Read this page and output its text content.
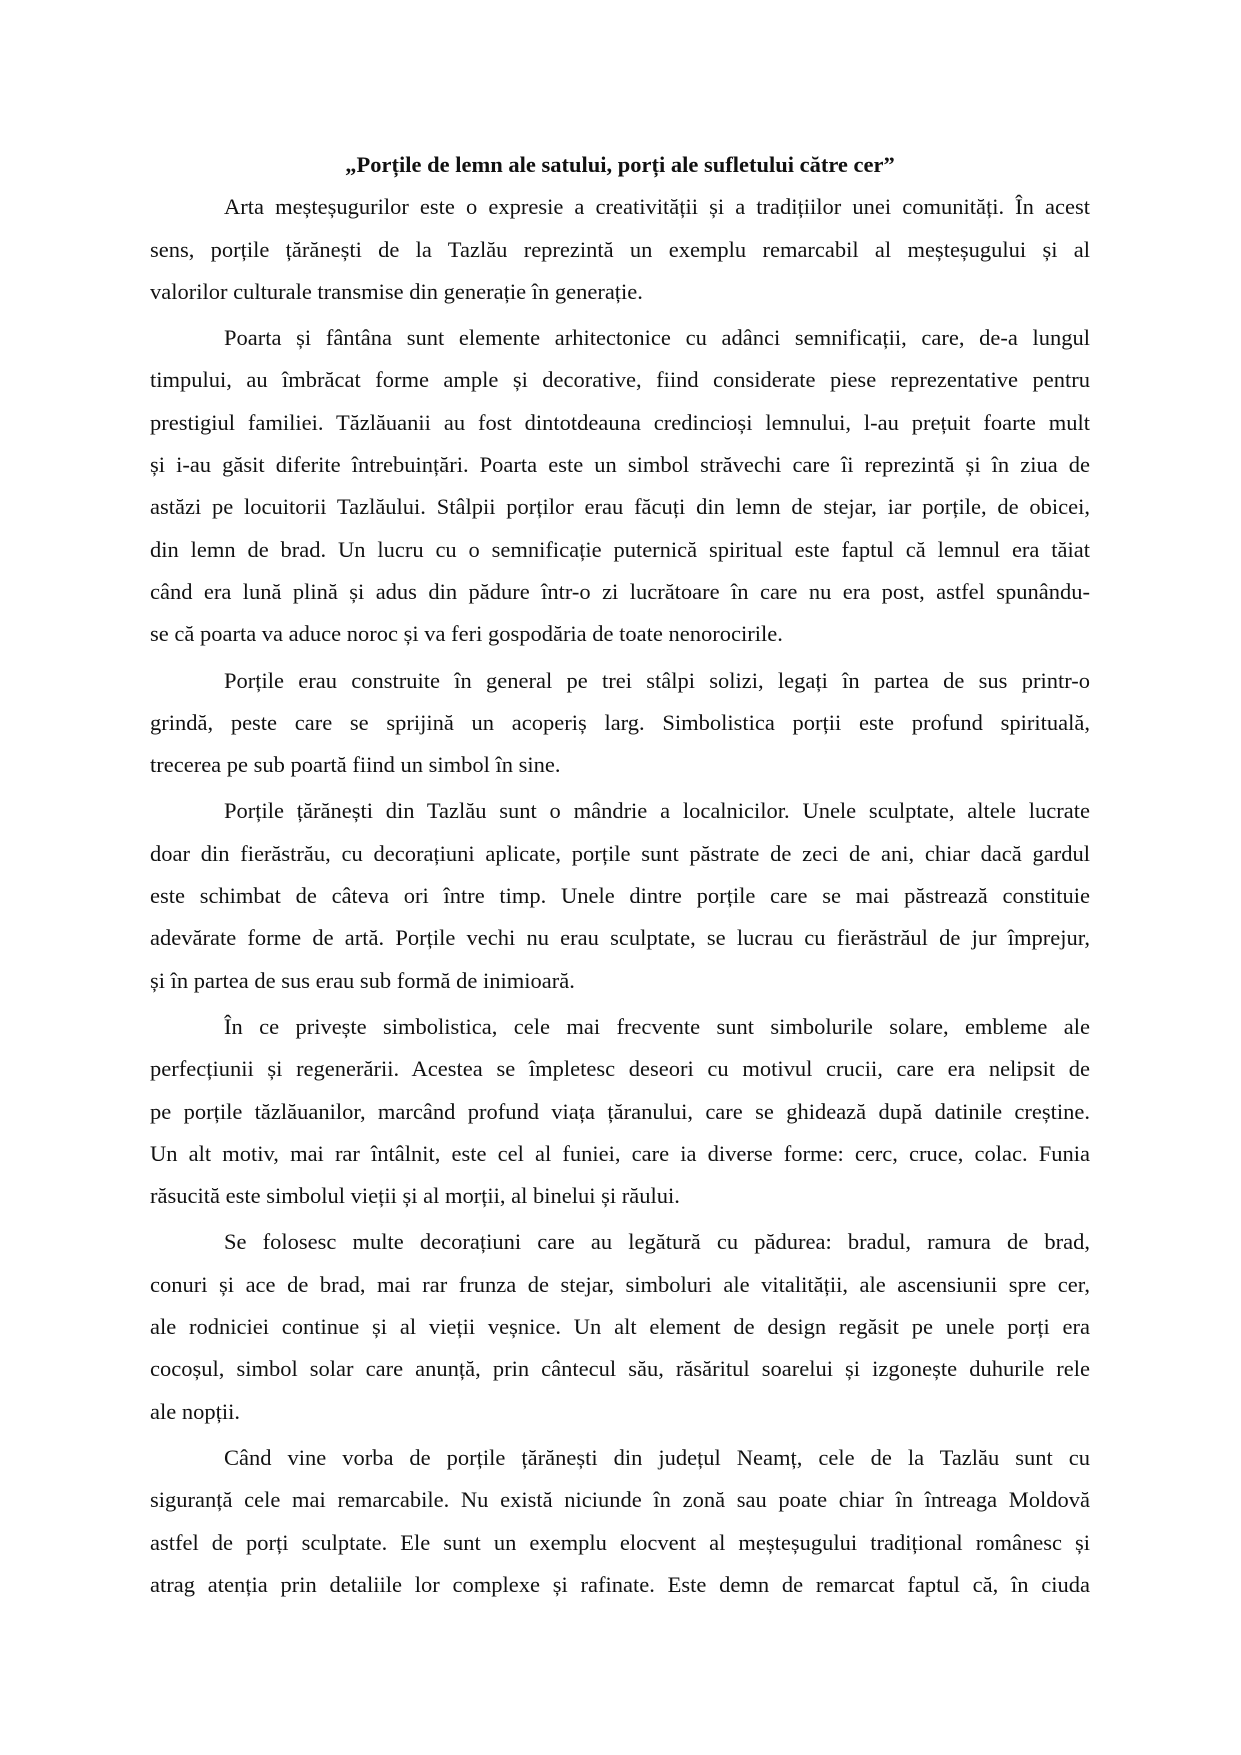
„Porțile de lemn ale satului, porți ale sufletului către cer”
Arta meșteșugurilor este o expresie a creativității și a tradițiilor unei comunități. În acest
sens, porțile țărănești de la Tazlău reprezintă un exemplu remarcabil al meșteșugului și al
valorilor culturale transmise din generație în generație.
Poarta și fântâna sunt elemente arhitectonice cu adânci semnificații, care, de-a lungul
timpului, au îmbrăcat forme ample și decorative, fiind considerate piese reprezentative pentru
prestigiul familiei. Tăzlăuanii au fost dintotdeauna credincioși lemnului, l-au prețuit foarte mult
și i-au găsit diferite întrebuințări. Poarta este un simbol străvechi care îi reprezintă și în ziua de
astăzi pe locuitorii Tazlăului. Stâlpii porților erau făcuți din lemn de stejar, iar porțile, de obicei,
din lemn de brad. Un lucru cu o semnificație puternică spiritual este faptul că lemnul era tăiat
când era lună plină și adus din pădure într-o zi lucrătoare în care nu era post, astfel spunându-
se că poarta va aduce noroc și va feri gospodăria de toate nenorocirile.
Porțile erau construite în general pe trei stâlpi solizi, legați în partea de sus printr-o
grindă, peste care se sprijină un acoperiș larg. Simbolistica porții este profund spirituală,
trecerea pe sub poartă fiind un simbol în sine.
Porțile țărănești din Tazlău sunt o mândrie a localnicilor. Unele sculptate, altele lucrate
doar din fierăstrău, cu decorațiuni aplicate, porțile sunt păstrate de zeci de ani, chiar dacă gardul
este schimbat de câteva ori între timp. Unele dintre porțile care se mai păstrează constituie
adevărate forme de artă. Porțile vechi nu erau sculptate, se lucrau cu fierăstrăul de jur împrejur,
și în partea de sus erau sub formă de inimioară.
În ce privește simbolistica, cele mai frecvente sunt simbolurile solare, embleme ale
perfecțiunii și regenerării. Acestea se împletesc deseori cu motivul crucii, care era nelipsit de
pe porțile tăzlăuanilor, marcând profund viața țăranului, care se ghidează după datinile creștine.
Un alt motiv, mai rar întâlnit, este cel al funiei, care ia diverse forme: cerc, cruce, colac. Funia
răsucită este simbolul vieții și al morții, al binelui și răului.
Se folosesc multe decorațiuni care au legătură cu pădurea: bradul, ramura de brad,
conuri și ace de brad, mai rar frunza de stejar, simboluri ale vitalității, ale ascensiunii spre cer,
ale rodniciei continue și al vieții veșnice. Un alt element de design regăsit pe unele porți era
cocoșul, simbol solar care anunță, prin cântecul său, răsăritul soarelui și izgonește duhurile rele
ale nopții.
Când vine vorba de porțile țărănești din județul Neamț, cele de la Tazlău sunt cu
siguranță cele mai remarcabile. Nu există niciunde în zonă sau poate chiar în întreaga Moldovă
astfel de porți sculptate. Ele sunt un exemplu elocvent al meșteșugului tradițional românesc și
atrag atenția prin detaliile lor complexe și rafinate. Este demn de remarcat faptul că, în ciuda
